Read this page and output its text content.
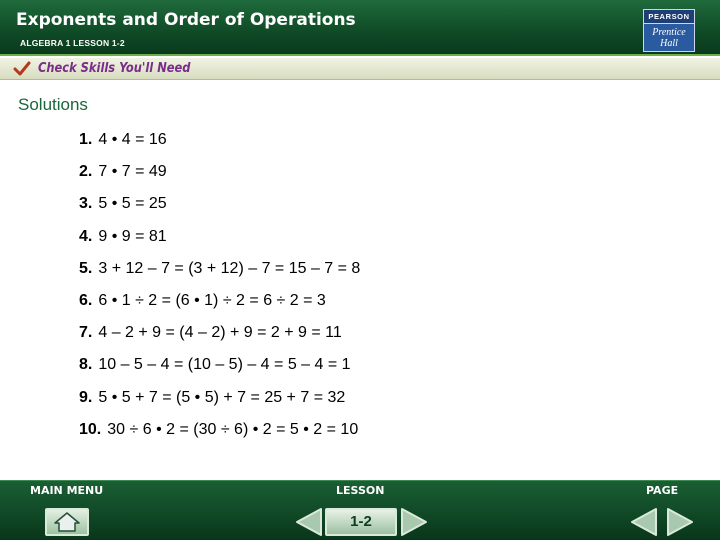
Exponents and Order of Operations
ALGEBRA 1 LESSON 1-2
PEARSON
Prentice
Hall
Check Skills You'll Need
Solutions
1. 4 • 4 = 16
2. 7 • 7 = 49
3. 5 • 5 = 25
4. 9 • 9 = 81
5. 3 + 12 – 7 = (3 + 12) – 7 = 15 – 7 = 8
6. 6 • 1 ÷ 2 = (6 • 1) ÷ 2 = 6 ÷ 2 = 3
7. 4 – 2 + 9 = (4 – 2) + 9 = 2 + 9 = 11
8. 10 – 5 – 4 = (10 – 5) – 4 = 5 – 4 = 1
9. 5 • 5 + 7 = (5 • 5) + 7 = 25 + 7 = 32
10. 30 ÷ 6 • 2 = (30 ÷ 6) • 2 = 5 • 2 = 10
MAIN MENU	LESSON	PAGE
1-2
